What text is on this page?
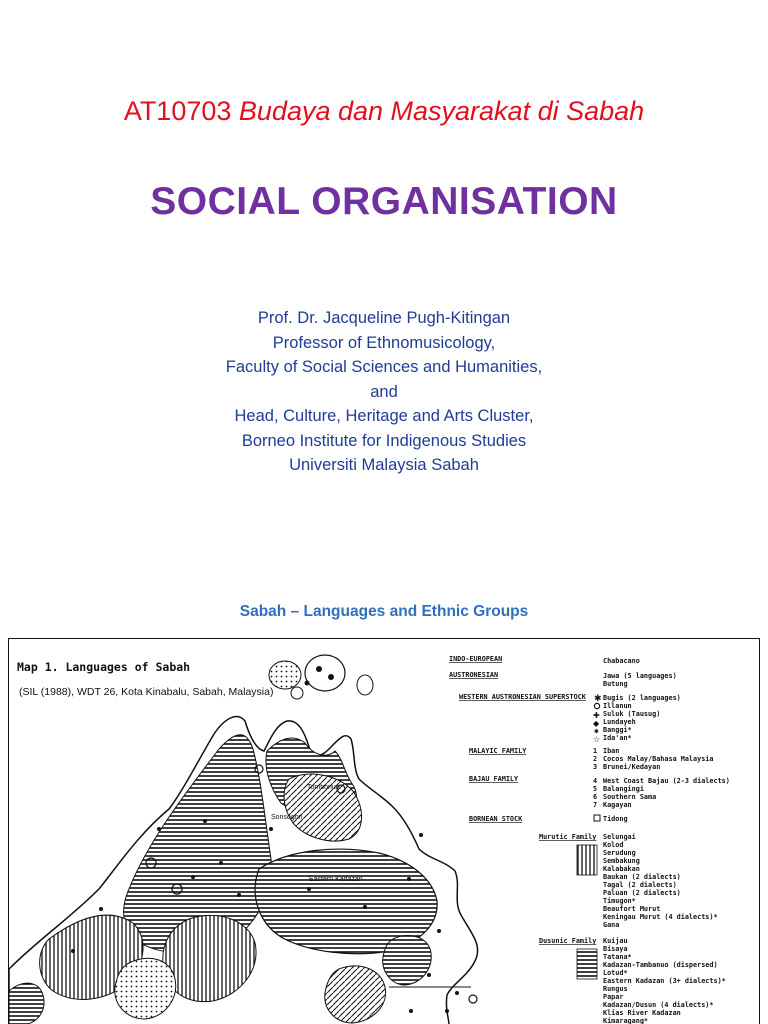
AT10703 Budaya dan Masyarakat di Sabah
SOCIAL ORGANISATION
Prof. Dr. Jacqueline Pugh-Kitingan
Professor of Ethnomusicology,
Faculty of Social Sciences and Humanities,
and
Head, Culture, Heritage and Arts Cluster,
Borneo Institute for Indigenous Studies
Universiti Malaysia Sabah
Sabah – Languages and Ethnic Groups
Map 1. Languages of Sabah
(SIL (1988), WDT 26, Kota Kinabalu, Sabah, Malaysia)
Tombonuo
Sonsogon
Eastern Kadazan
INDO-EUROPEAN
AUSTRONESIAN
WESTERN AUSTRONESIAN SUPERSTOCK
MALAYIC FAMILY
BAJAU FAMILY
BORNEAN STOCK
Murutic Family
Dusunic Family
Chabacano
Jawa (5 languages)
Butung
Bugis (2 languages)
Illanun
Suluk (Tausug)
Lundayeh
Banggi*
Ida'an*
1
2
3
Iban
Cocos Malay/Bahasa Malaysia
Brunei/Kedayan
4
5
6
7
West Coast Bajau (2-3 dialects)
Balangingi
Southern Sama
Kagayan
Tidong
Selungai
Kolod
Serudung
Sembakung
Kalabakan
Baukan (2 dialects)
Tagal (2 dialects)
Paluan (2 dialects)
Timugon*
Beaufort Murut
Keningau Murut (4 dialects)*
Gana
Kuijau
Bisaya
Tatana*
Kadazan-Tambanuo (dispersed)
Lotud*
Eastern Kadazan (3+ dialects)*
Rungus
Papar
Kadazan/Dusun (4 dialects)*
Klias River Kadazan
Kimaragang*
✱
✚
◆
✷
☆
